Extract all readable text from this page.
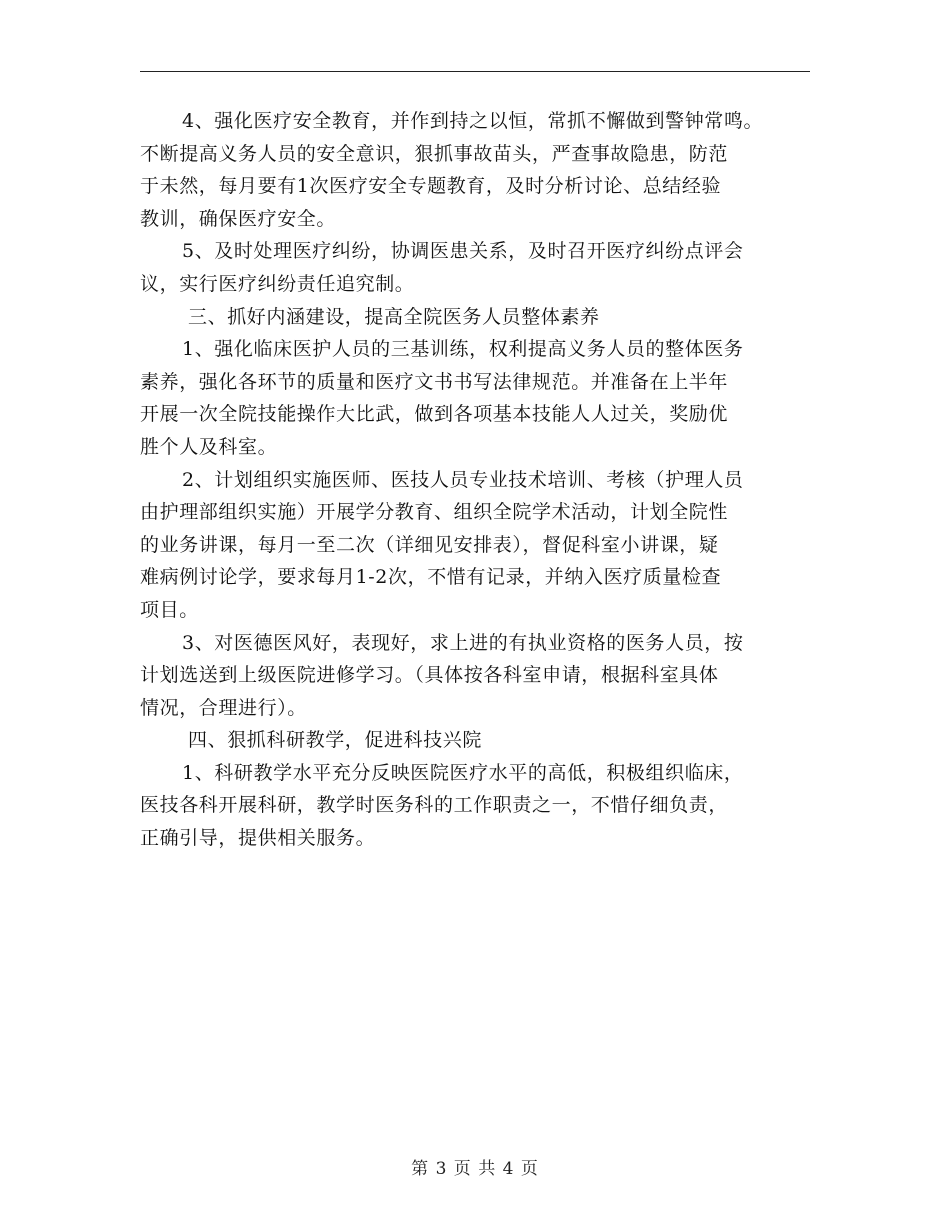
4、强化医疗安全教育，并作到持之以恒，常抓不懈做到警钟常鸣。
不断提高义务人员的安全意识，狠抓事故苗头，严查事故隐患，防范
于未然，每月要有1次医疗安全专题教育，及时分析讨论、总结经验
教训，确保医疗安全。
5、及时处理医疗纠纷，协调医患关系，及时召开医疗纠纷点评会
议，实行医疗纠纷责任追究制。
三、抓好内涵建设，提高全院医务人员整体素养
1、强化临床医护人员的三基训练，权利提高义务人员的整体医务
素养，强化各环节的质量和医疗文书书写法律规范。并准备在上半年
开展一次全院技能操作大比武，做到各项基本技能人人过关，奖励优
胜个人及科室。
2、计划组织实施医师、医技人员专业技术培训、考核（护理人员
由护理部组织实施）开展学分教育、组织全院学术活动，计划全院性
的业务讲课，每月一至二次（详细见安排表），督促科室小讲课，疑
难病例讨论学，要求每月1-2次，不惜有记录，并纳入医疗质量检查
项目。
3、对医德医风好，表现好，求上进的有执业资格的医务人员，按
计划选送到上级医院进修学习。（具体按各科室申请，根据科室具体
情况，合理进行）。
四、狠抓科研教学，促进科技兴院
1、科研教学水平充分反映医院医疗水平的高低，积极组织临床，
医技各科开展科研，教学时医务科的工作职责之一，不惜仔细负责，
正确引导，提供相关服务。
第 3 页 共 4 页
